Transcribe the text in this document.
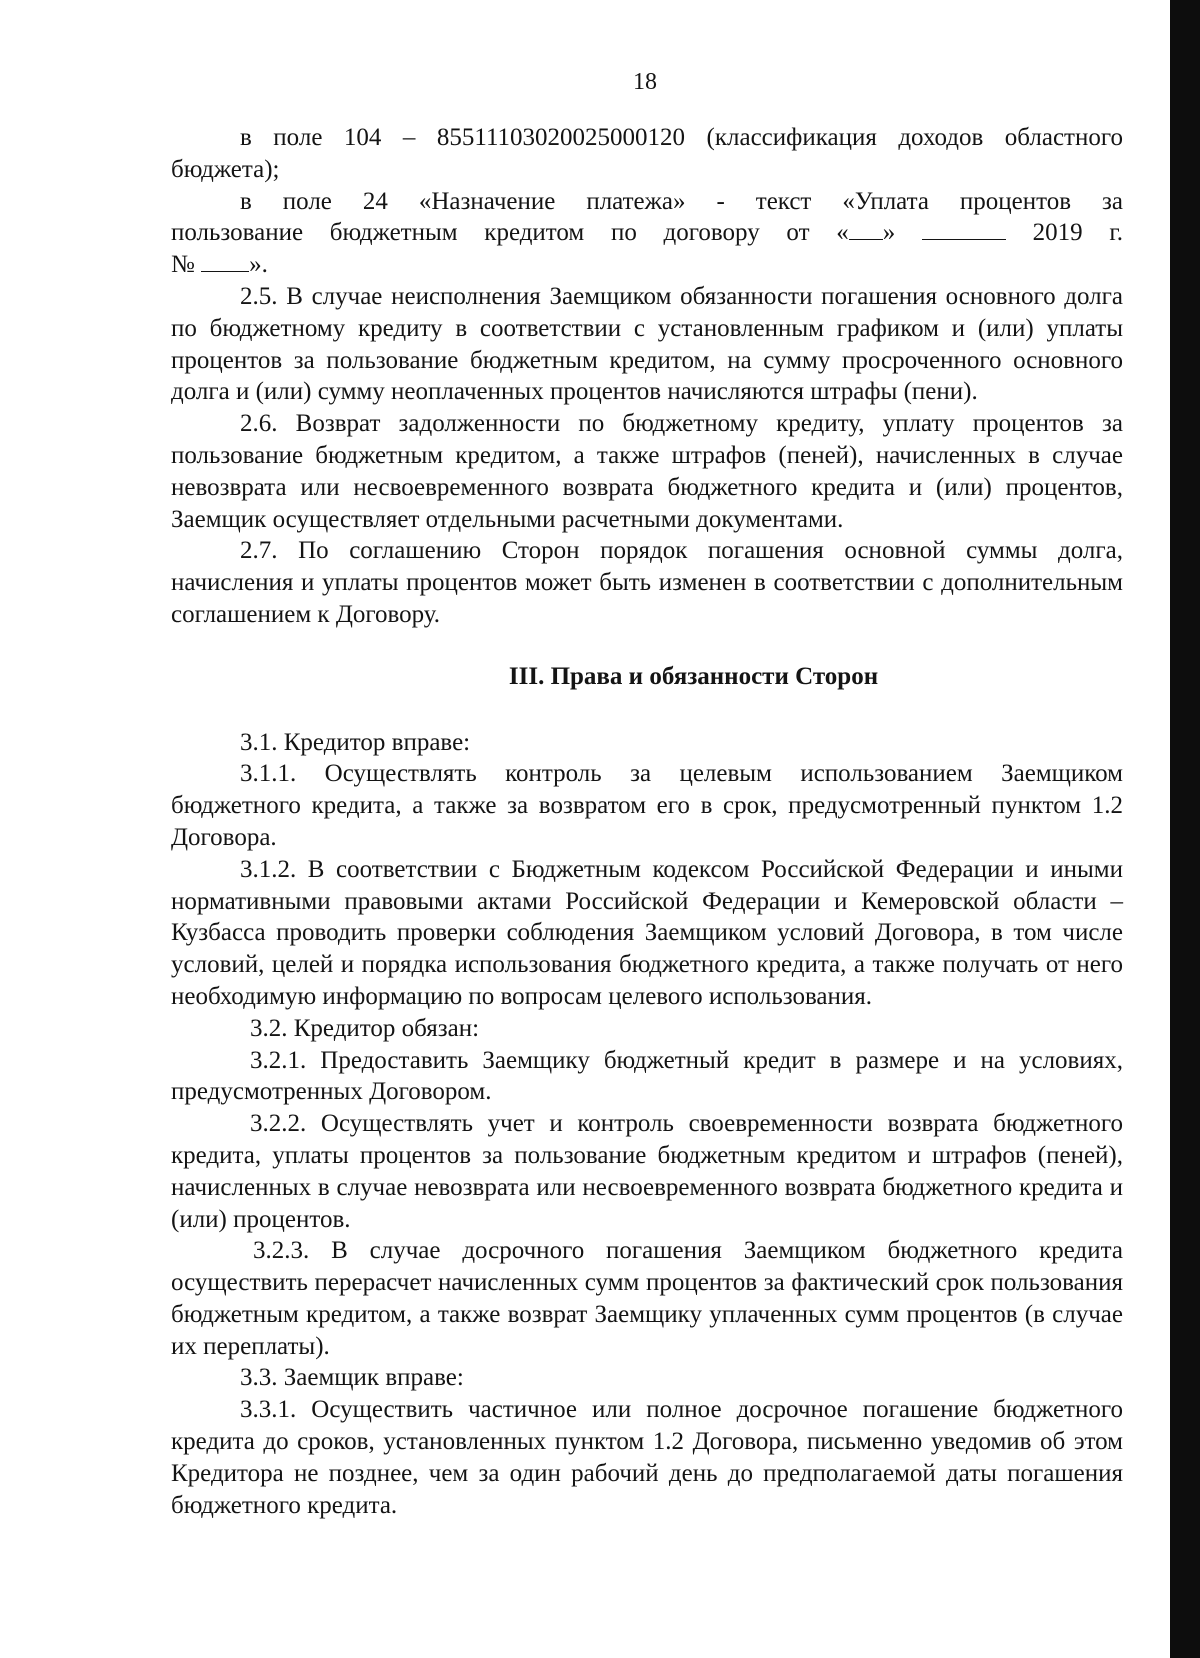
18

в поле 104 – 85511103020025000120 (классификация доходов областного

бюджета);

в поле 24 «Назначение платежа» - текст «Уплата процентов за

пользование бюджетным кредитом по договору от « »	2019 г.

№ ».

2.5. В случае неисполнения Заемщиком обязанности погашения основного долга по бюджетному кредиту в соответствии с установленным графиком и (или) уплаты процентов за пользование бюджетным кредитом, на сумму просроченного основного долга и (или) сумму неоплаченных процентов начисляются штрафы (пени).

2.6. Возврат задолженности по бюджетному кредиту, уплату процентов за пользование бюджетным кредитом, а также штрафов (пеней), начисленных в случае невозврата или несвоевременного возврата бюджетного кредита и (или) процентов, Заемщик осуществляет отдельными расчетными документами.

2.7. По соглашению Сторон порядок погашения основной суммы долга, начисления и уплаты процентов может быть изменен в соответствии с дополнительным соглашением к Договору.

III. Права и обязанности Сторон

3.1. Кредитор вправе:

3.1.1. Осуществлять контроль за целевым использованием Заемщиком бюджетного кредита, а также за возвратом его в срок, предусмотренный пунктом 1.2 Договора.

3.1.2. В соответствии с Бюджетным кодексом Российской Федерации и иными нормативными правовыми актами Российской Федерации и Кемеровской области – Кузбасса проводить проверки соблюдения Заемщиком условий Договора, в том числе условий, целей и порядка использования бюджетного кредита, а также получать от него необходимую информацию по вопросам целевого использования.

3.2. Кредитор обязан:

3.2.1. Предоставить Заемщику бюджетный кредит в размере и на условиях, предусмотренных Договором.

3.2.2. Осуществлять учет и контроль своевременности возврата бюджетного кредита, уплаты процентов за пользование бюджетным кредитом и штрафов (пеней), начисленных в случае невозврата или несвоевременного возврата бюджетного кредита и (или) процентов.

3.2.3. В случае досрочного погашения Заемщиком бюджетного кредита осуществить перерасчет начисленных сумм процентов за фактический срок пользования бюджетным кредитом, а также возврат Заемщику уплаченных сумм процентов (в случае их переплаты).

3.3. Заемщик вправе:

3.3.1. Осуществить частичное или полное досрочное погашение бюджетного кредита до сроков, установленных пунктом 1.2 Договора, письменно уведомив об этом Кредитора не позднее, чем за один рабочий день до предполагаемой даты погашения бюджетного кредита.
